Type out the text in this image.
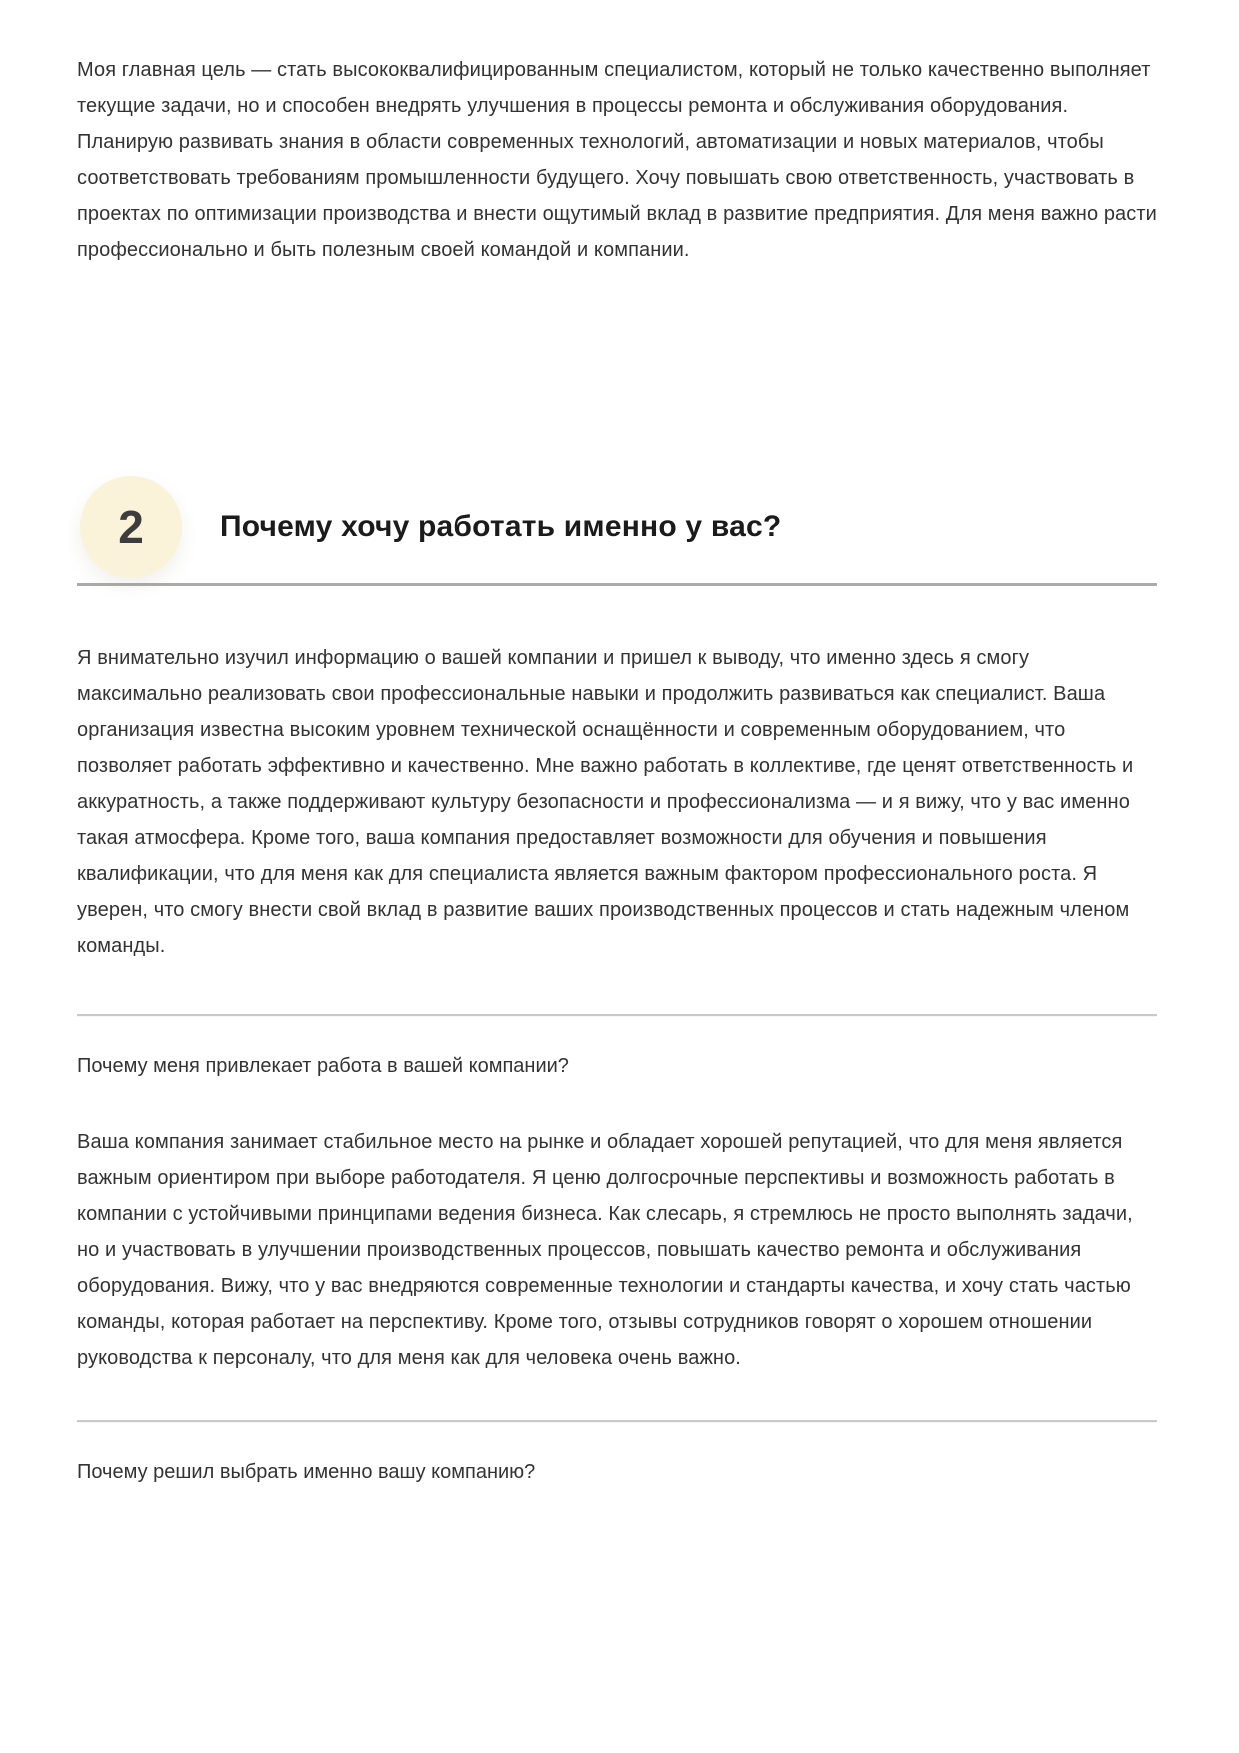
Моя главная цель — стать высококвалифицированным специалистом, который не только качественно выполняет текущие задачи, но и способен внедрять улучшения в процессы ремонта и обслуживания оборудования. Планирую развивать знания в области современных технологий, автоматизации и новых материалов, чтобы соответствовать требованиям промышленности будущего. Хочу повышать свою ответственность, участвовать в проектах по оптимизации производства и внести ощутимый вклад в развитие предприятия. Для меня важно расти профессионально и быть полезным своей командой и компании.

2	Почему хочу работать именно у вас?

Я внимательно изучил информацию о вашей компании и пришел к выводу, что именно здесь я смогу максимально реализовать свои профессиональные навыки и продолжить развиваться как специалист. Ваша организация известна высоким уровнем технической оснащённости и современным оборудованием, что позволяет работать эффективно и качественно. Мне важно работать в коллективе, где ценят ответственность и аккуратность, а также поддерживают культуру безопасности и профессионализма — и я вижу, что у вас именно такая атмосфера. Кроме того, ваша компания предоставляет возможности для обучения и повышения квалификации, что для меня как для специалиста является важным фактором профессионального роста. Я уверен, что смогу внести свой вклад в развитие ваших производственных процессов и стать надежным членом команды.

Почему меня привлекает работа в вашей компании?

Ваша компания занимает стабильное место на рынке и обладает хорошей репутацией, что для меня является важным ориентиром при выборе работодателя. Я ценю долгосрочные перспективы и возможность работать в компании с устойчивыми принципами ведения бизнеса. Как слесарь, я стремлюсь не просто выполнять задачи, но и участвовать в улучшении производственных процессов, повышать качество ремонта и обслуживания оборудования. Вижу, что у вас внедряются современные технологии и стандарты качества, и хочу стать частью команды, которая работает на перспективу. Кроме того, отзывы сотрудников говорят о хорошем отношении руководства к персоналу, что для меня как для человека очень важно.

Почему решил выбрать именно вашу компанию?
